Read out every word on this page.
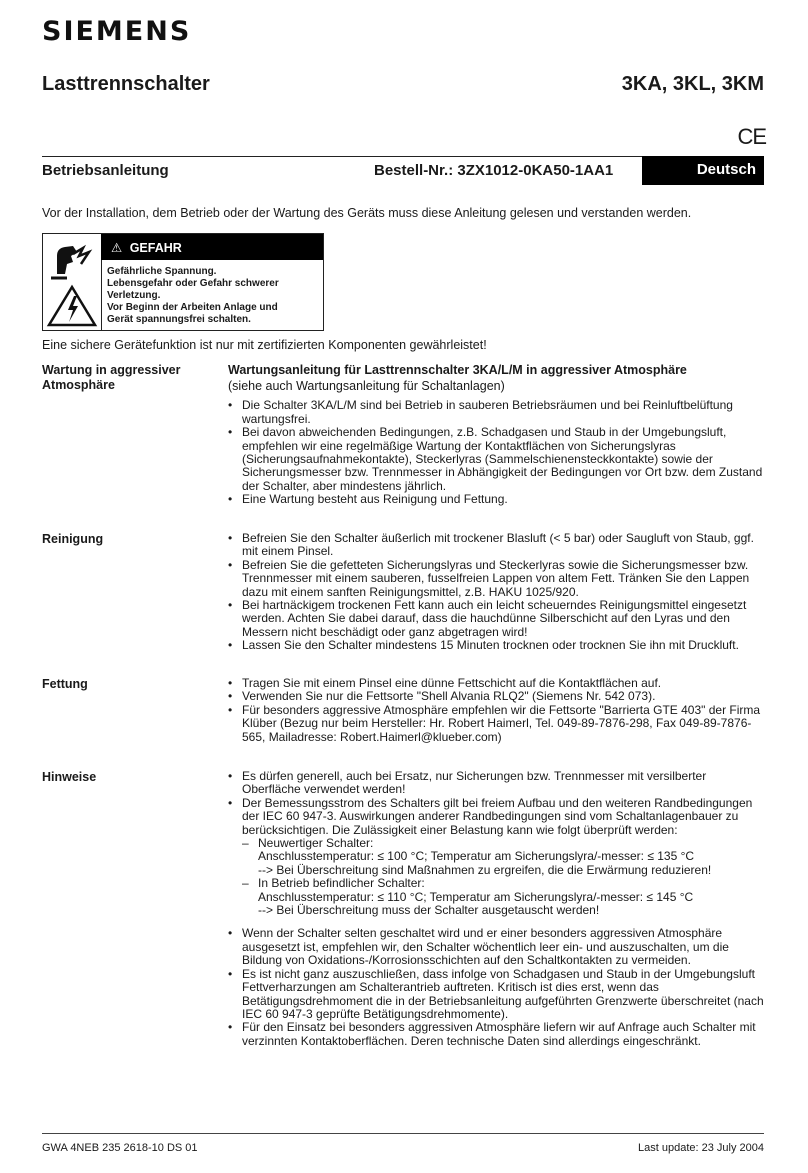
SIEMENS
Lasttrennschalter	3KA, 3KL, 3KM
CE
Betriebsanleitung	Bestell-Nr.: 3ZX1012-0KA50-1AA1	Deutsch
Vor der Installation, dem Betrieb oder der Wartung des Geräts muss diese Anleitung gelesen und verstanden werden.
⚠ GEFAHR
Gefährliche Spannung.
Lebensgefahr oder Gefahr schwerer
Verletzung.
Vor Beginn der Arbeiten Anlage und
Gerät spannungsfrei schalten.
Eine sichere Gerätefunktion ist nur mit zertifizierten Komponenten gewährleistet!
Wartung in aggressiver Atmosphäre
Wartungsanleitung für Lasttrennschalter 3KA/L/M in aggressiver Atmosphäre
(siehe auch Wartungsanleitung für Schaltanlagen)
• Die Schalter 3KA/L/M sind bei Betrieb in sauberen Betriebsräumen und bei Reinluftbelüftung wartungsfrei.
• Bei davon abweichenden Bedingungen, z.B. Schadgasen und Staub in der Umgebungsluft, empfehlen wir eine regelmäßige Wartung der Kontaktflächen von Sicherungslyras (Sicherungsaufnahmekontakte), Steckerlyras (Sammelschienensteckkontakte) sowie der Sicherungsmesser bzw. Trennmesser in Abhängigkeit der Bedingungen vor Ort bzw. dem Zustand der Schalter, aber mindestens jährlich.
• Eine Wartung besteht aus Reinigung und Fettung.
Reinigung	• Befreien Sie den Schalter äußerlich mit trockener Blasluft (< 5 bar) oder Saugluft von Staub, ggf. mit einem Pinsel.
• Befreien Sie die gefetteten Sicherungslyras und Steckerlyras sowie die Sicherungsmesser bzw. Trennmesser mit einem sauberen, fusselfreien Lappen von altem Fett. Tränken Sie den Lappen dazu mit einem sanften Reinigungsmittel, z.B. HAKU 1025/920.
• Bei hartnäckigem trockenen Fett kann auch ein leicht scheuerndes Reinigungsmittel eingesetzt werden. Achten Sie dabei darauf, dass die hauchdünne Silberschicht auf den Lyras und den Messern nicht beschädigt oder ganz abgetragen wird!
• Lassen Sie den Schalter mindestens 15 Minuten trocknen oder trocknen Sie ihn mit Druckluft.
Fettung	• Tragen Sie mit einem Pinsel eine dünne Fettschicht auf die Kontaktflächen auf.
• Verwenden Sie nur die Fettsorte "Shell Alvania RLQ2" (Siemens Nr. 542 073).
• Für besonders aggressive Atmosphäre empfehlen wir die Fettsorte "Barrierta GTE 403" der Firma Klüber (Bezug nur beim Hersteller: Hr. Robert Haimerl, Tel. 049-89-7876-298, Fax 049-89-7876-565, Mailadresse: Robert.Haimerl@klueber.com)
Hinweise	• Es dürfen generell, auch bei Ersatz, nur Sicherungen bzw. Trennmesser mit versilberter Oberfläche verwendet werden!
• Der Bemessungsstrom des Schalters gilt bei freiem Aufbau und den weiteren Randbedingungen der IEC 60 947-3. Auswirkungen anderer Randbedingungen sind vom Schaltanlagenbauer zu berücksichtigen. Die Zulässigkeit einer Belastung kann wie folgt überprüft werden:
– Neuwertiger Schalter:
Anschlusstemperatur: ≤ 100 °C; Temperatur am Sicherungslyra/-messer: ≤ 135 °C
--> Bei Überschreitung sind Maßnahmen zu ergreifen, die die Erwärmung reduzieren!
– In Betrieb befindlicher Schalter:
Anschlusstemperatur: ≤ 110 °C; Temperatur am Sicherungslyra/-messer: ≤ 145 °C
--> Bei Überschreitung muss der Schalter ausgetauscht werden!
• Wenn der Schalter selten geschaltet wird und er einer besonders aggressiven Atmosphäre ausgesetzt ist, empfehlen wir, den Schalter wöchentlich leer ein- und auszuschalten, um die Bildung von Oxidations-/Korrosionsschichten auf den Schaltkontakten zu vermeiden.
• Es ist nicht ganz auszuschließen, dass infolge von Schadgasen und Staub in der Umgebungsluft Fettverharzungen am Schalterantrieb auftreten. Kritisch ist dies erst, wenn das Betätigungsdrehmoment die in der Betriebsanleitung aufgeführten Grenzwerte überschreitet (nach IEC 60 947-3 geprüfte Betätigungsdrehmomente).
• Für den Einsatz bei besonders aggressiven Atmosphäre liefern wir auf Anfrage auch Schalter mit verzinnten Kontaktoberflächen. Deren technische Daten sind allerdings eingeschränkt.
GWA 4NEB 235 2618-10 DS 01	Last update: 23 July 2004
